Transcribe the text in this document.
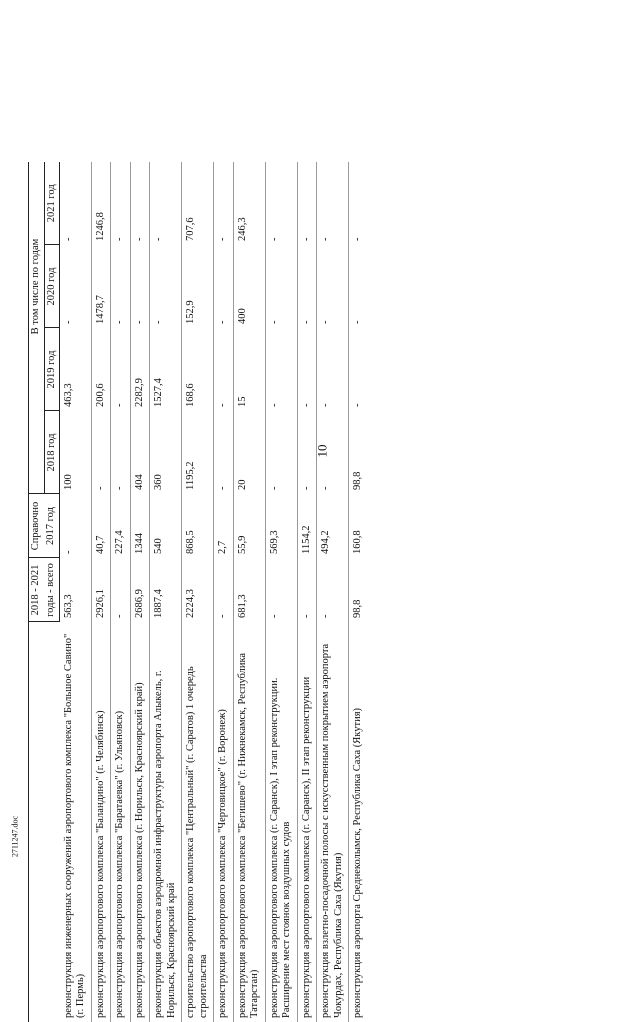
10
2711247.doc
	2018 - 2021	Справочно		В том числе по годам		
	годы - всего	2017 год	2018 год	2019 год	2020 год	2021 год
реконструкция инженерных сооружений аэропортового комплекса "Большое Савино" (г. Пермь)	563,3	-	100	463,3	-	-
реконструкция аэропортового комплекса "Баландино" (г. Челябинск)	2926,1	40,7	-	200,6	1478,7	1246,8
реконструкция аэропортового комплекса "Баратаевка" (г. Ульяновск)	-	227,4	-	-	-	-
реконструкция аэропортового комплекса (г. Норильск, Красноярский край)	2686,9	1344	404	2282,9	-	-
реконструкция объектов аэродромной инфраструктуры аэропорта Алыкель, г. Норильск, Красноярский край	1887,4	540	360	1527,4	-	-
строительство аэропортового комплекса "Центральный" (г. Саратов) 1 очередь строительства	2224,3	868,5	1195,2	168,6	152,9	707,6
реконструкция аэропортового комплекса "Чертовицкое" (г. Воронеж)	-	2,7	-	-	-	-
реконструкция аэропортового комплекса "Бегишево" (г. Нижнекамск, Республика Татарстан)	681,3	55,9	20	15	400	246,3
реконструкция аэропортового комплекса (г. Саранск), I этап реконструкции. Расширение мест стоянок воздушных судов	-	569,3	-	-	-	-
реконструкция аэропортового комплекса (г. Саранск), II этап реконструкции	-	1154,2	-	-	-	-
реконструкция взлетно-посадочной полосы с искусственным покрытием аэропорта Чокурдах, Республика Саха (Якутия)	-	494,2	-	-	-	-
реконструкция аэропорта Среднеколымск, Республика Саха (Якутия)	98,8	160,8	98,8	-	-	-
